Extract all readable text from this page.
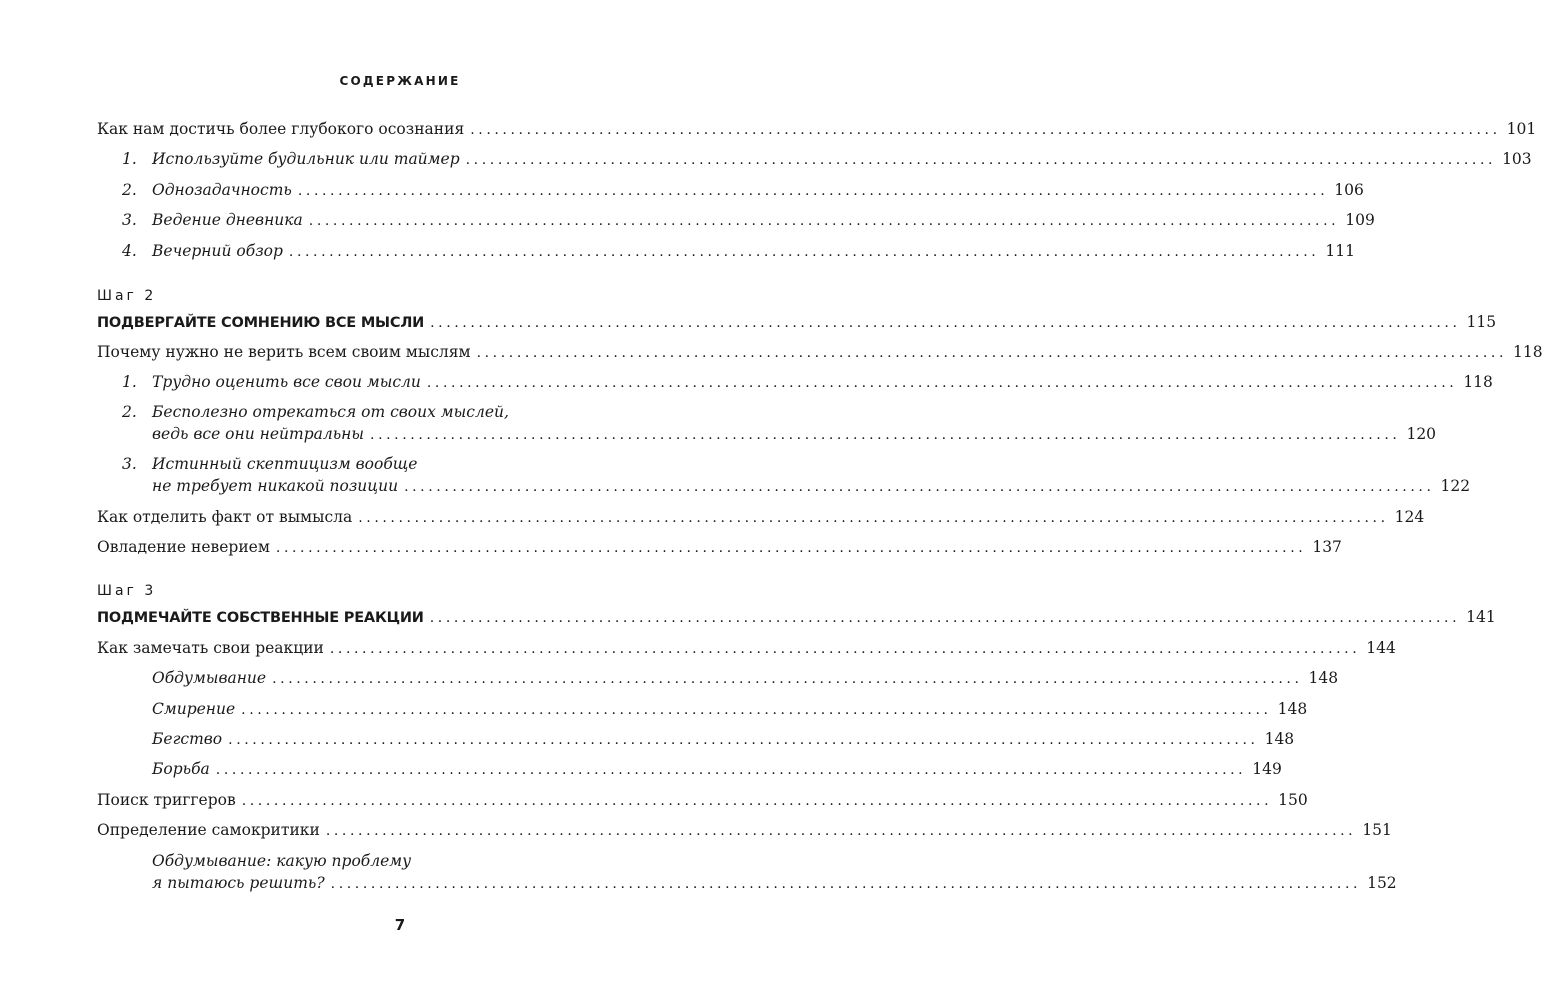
СОДЕРЖАНИЕ
Как нам достичь более глубокого осознания ................................................................................................................................ 101
1. Используйте будильник или таймер ................................................................................................................................ 103
2. Однозадачность ................................................................................................................................ 106
3. Ведение дневника ................................................................................................................................ 109
4. Вечерний обзор ................................................................................................................................ 111
Шаг 2
ПОДВЕРГАЙТЕ СОМНЕНИЮ ВСЕ МЫСЛИ ................................................................................................................................ 115
Почему нужно не верить всем своим мыслям ................................................................................................................................ 118
1. Трудно оценить все свои мысли ................................................................................................................................ 118
2. Бесполезно отрекаться от своих мыслей,
ведь все они нейтральны ................................................................................................................................ 120
3. Истинный скептицизм вообще
не требует никакой позиции ................................................................................................................................ 122
Как отделить факт от вымысла ................................................................................................................................ 124
Овладение неверием ................................................................................................................................ 137
Шаг 3
ПОДМЕЧАЙТЕ СОБСТВЕННЫЕ РЕАКЦИИ ................................................................................................................................ 141
Как замечать свои реакции ................................................................................................................................ 144
Обдумывание ................................................................................................................................ 148
Смирение ................................................................................................................................ 148
Бегство ................................................................................................................................ 148
Борьба ................................................................................................................................ 149
Поиск триггеров ................................................................................................................................ 150
Определение самокритики ................................................................................................................................ 151
Обдумывание: какую проблему
я пытаюсь решить? ................................................................................................................................ 152
7
